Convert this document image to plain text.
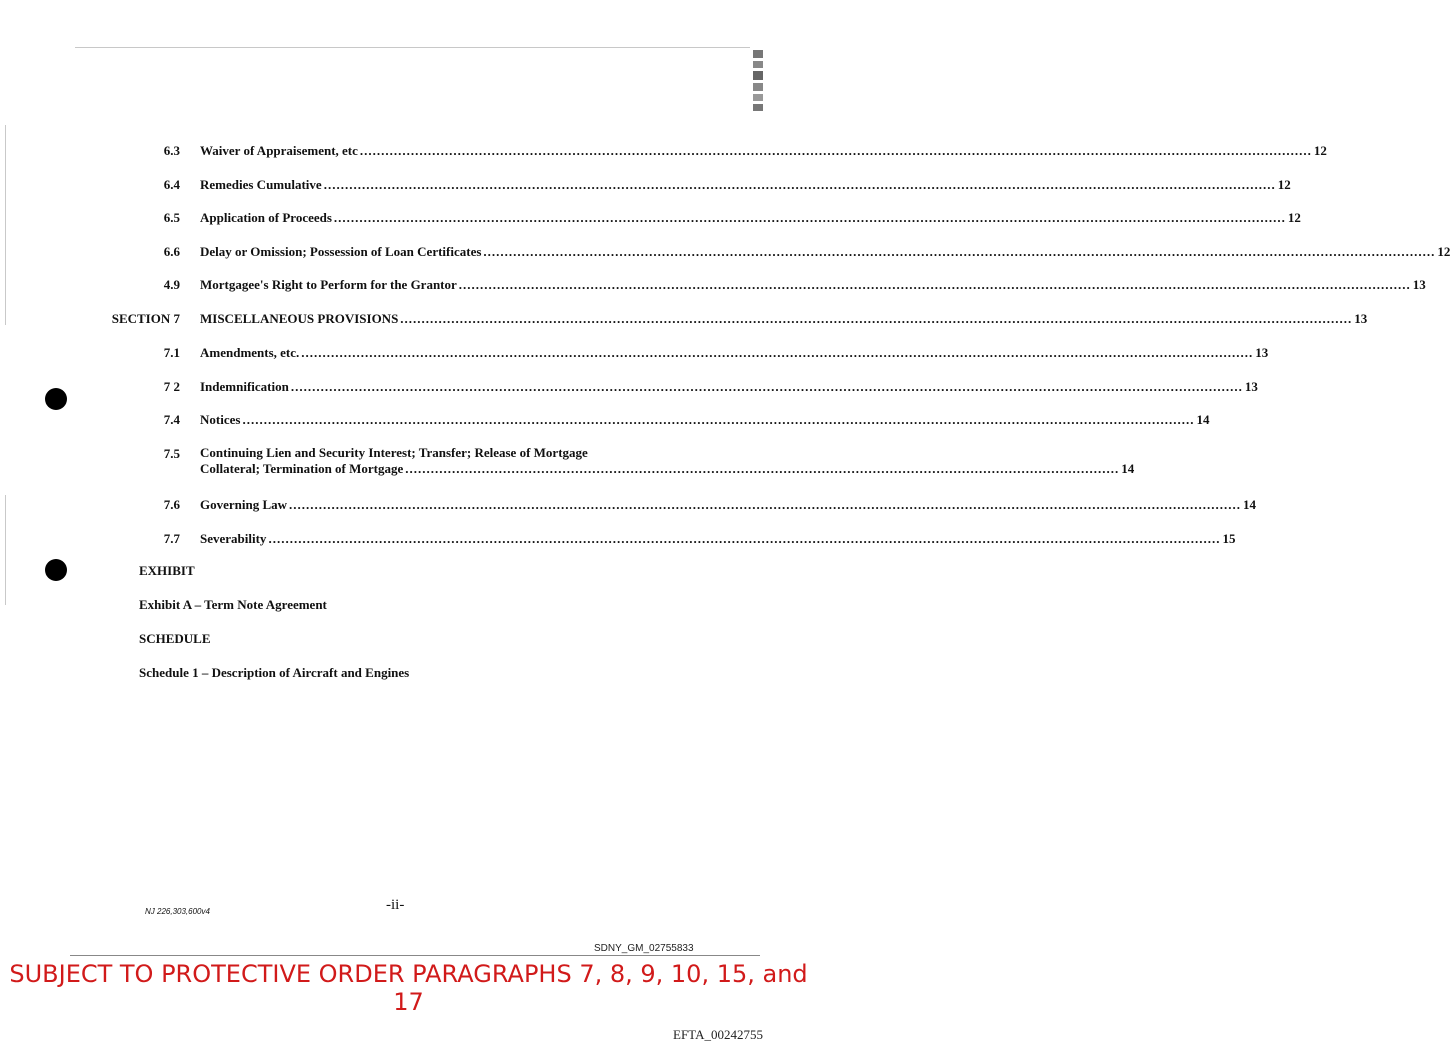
6.3 Waiver of Appraisement, etc .....	12
6.4 Remedies Cumulative .....	12
6.5 Application of Proceeds .....	12
6.6 Delay or Omission; Possession of Loan Certificates .....	12
4.9 Mortgagee's Right to Perform for the Grantor .....	13
SECTION 7 MISCELLANEOUS PROVISIONS .....	13
7.1 Amendments, etc. .....	13
7 2 Indemnification .....	13
7.4 Notices .....	14
7.5 Continuing Lien and Security Interest; Transfer; Release of Mortgage
Collateral; Termination of Mortgage ........................................................................................................................................................................ 14
7.6 Governing Law .....	14
7.7 Severability .....	15
EXHIBIT
Exhibit A – Term Note Agreement
SCHEDULE
Schedule 1 – Description of Aircraft and Engines
NJ 226,303,600v4	-ii-
SDNY_GM_02755833
SUBJECT TO PROTECTIVE ORDER PARAGRAPHS 7, 8, 9, 10, 15, and 17
EFTA_00242755
